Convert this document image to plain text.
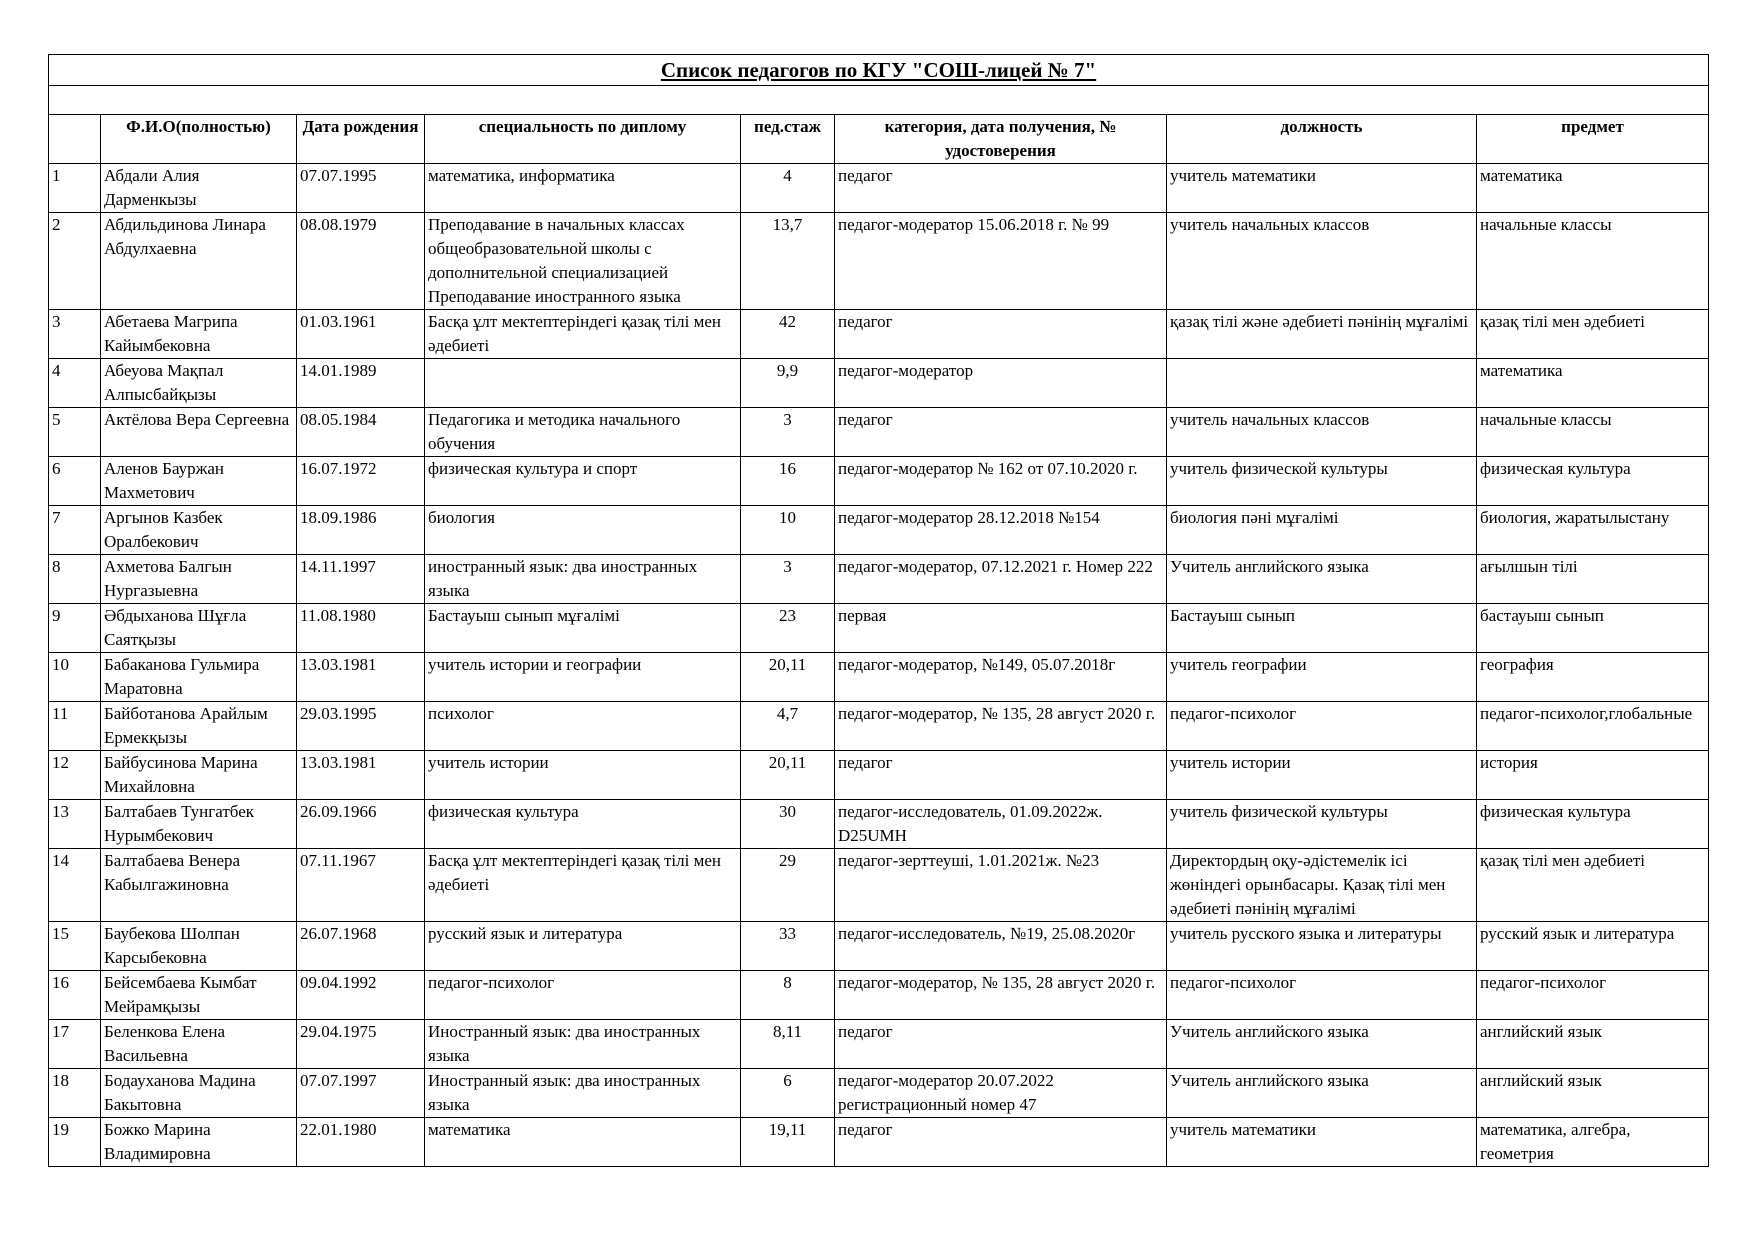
Список педагогов по КГУ "СОШ-лицей № 7"							

	Ф.И.О(полностью)	Дата рождения	специальность по диплому	пед.стаж	категория, дата получения, № удостоверения	должность	предмет
1	Абдали Алия Дарменкызы	07.07.1995	математика, информатика	4	педагог	учитель математики	математика
2	Абдильдинова Линара Абдулхаевна	08.08.1979	Преподавание в начальных классах общеобразовательной школы с дополнительной специализацией Преподавание иностранного языка	13,7	педагог-модератор 15.06.2018 г. № 99	учитель начальных классов	начальные классы
3	Абетаева Магрипа Кайымбековна	01.03.1961	Басқа ұлт мектептеріндегі қазақ тілі мен әдебиеті	42	педагог	қазақ тілі және әдебиеті пәнінің мұғалімі	қазақ тілі мен әдебиеті
4	Абеуова Мақпал Алпысбайқызы	14.01.1989		9,9	педагог-модератор		математика
5	Актёлова Вера Сергеевна	08.05.1984	Педагогика и методика начального обучения	3	педагог	учитель начальных классов	начальные классы
6	Аленов Бауржан Махметович	16.07.1972	физическая культура и спорт	16	педагог-модератор № 162 от 07.10.2020 г.	учитель физической культуры	физическая культура
7	Аргынов Казбек Оралбекович	18.09.1986	биология	10	педагог-модератор 28.12.2018 №154	биология пәні мұғалімі	биология, жаратылыстану
8	Ахметова Балгын Нургазыевна	14.11.1997	иностранный язык: два иностранных языка	3	педагог-модератор, 07.12.2021 г. Номер 222	Учитель английского языка	ағылшын тілі
9	Әбдыханова Шұғла Саятқызы	11.08.1980	Бастауыш сынып мұғалімі	23	первая	Бастауыш сынып	бастауыш сынып
10	Бабаканова Гульмира Маратовна	13.03.1981	учитель истории и географии	20,11	педагог-модератор, №149, 05.07.2018г	учитель географии	география
11	Байботанова Арайлым Ермекқызы	29.03.1995	психолог	4,7	педагог-модератор, № 135, 28 август 2020 г.	педагог-психолог	педагог-психолог,глобальные
12	Байбусинова Марина Михайловна	13.03.1981	учитель истории	20,11	педагог	учитель истории	история
13	Балтабаев Тунгатбек Нурымбекович	26.09.1966	физическая культура	30	педагог-исследователь, 01.09.2022ж. D25UMH	учитель физической культуры	физическая культура
14	Балтабаева Венера Кабылгажиновна	07.11.1967	Басқа ұлт мектептеріндегі қазақ тілі мен әдебиеті	29	педагог-зерттеуші, 1.01.2021ж. №23	Директордың оқу-әдістемелік ісі жөніндегі орынбасары. Қазақ тілі мен әдебиеті пәнінің мұғалімі	қазақ тілі мен әдебиеті
15	Баубекова Шолпан Карсыбековна	26.07.1968	русский язык и литература	33	педагог-исследователь, №19, 25.08.2020г	учитель русского языка и литературы	русский язык и литература
16	Бейсембаева Кымбат Мейрамқызы	09.04.1992	педагог-психолог	8	педагог-модератор, № 135, 28 август 2020 г.	педагог-психолог	педагог-психолог
17	Беленкова Елена Васильевна	29.04.1975	Иностранный язык: два иностранных языка	8,11	педагог	Учитель английского языка	английский язык
18	Бодауханова Мадина Бакытовна	07.07.1997	Иностранный язык: два иностранных языка	6	педагог-модератор 20.07.2022 регистрационный номер 47	Учитель английского языка	английский язык
19	Божко Марина Владимировна	22.01.1980	математика	19,11	педагог	учитель математики	математика, алгебра, геометрия
